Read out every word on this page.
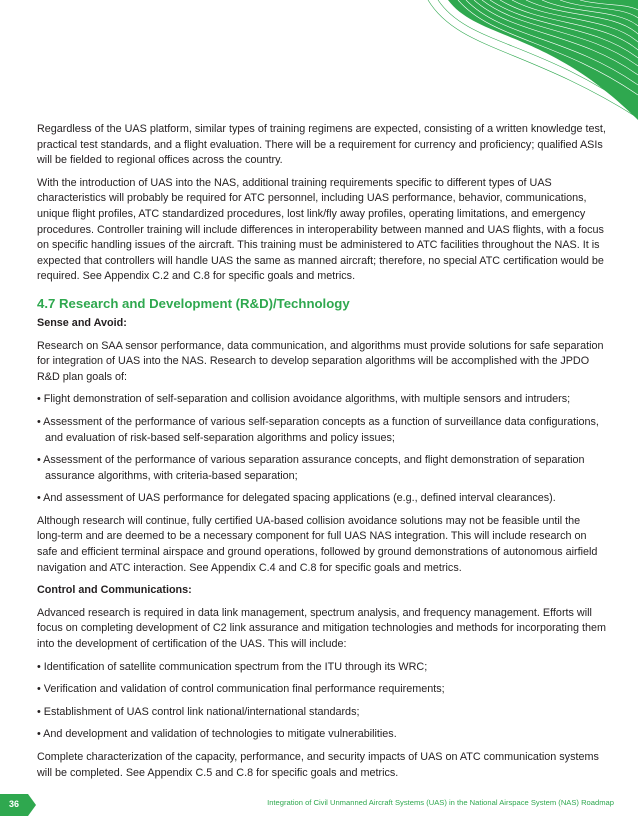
Regardless of the UAS platform, similar types of training regimens are expected, consisting of a written knowledge test, practical test standards, and a flight evaluation. There will be a requirement for currency and proficiency; qualified ASIs will be fielded to regional offices across the country.

With the introduction of UAS into the NAS, additional training requirements specific to different types of UAS characteristics will probably be required for ATC personnel, including UAS performance, behavior, communications, unique flight profiles, ATC standardized procedures, lost link/fly away profiles, operating limitations, and emergency procedures. Controller training will include differences in interoperability between manned and UAS flights, with a focus on specific handling issues of the aircraft. This training must be administered to ATC facilities throughout the NAS. It is expected that controllers will handle UAS the same as manned aircraft; therefore, no special ATC certification would be required. See Appendix C.2 and C.8 for specific goals and metrics.

4.7 Research and Development (R&D)/Technology

Sense and Avoid:

Research on SAA sensor performance, data communication, and algorithms must provide solutions for safe separation for integration of UAS into the NAS. Research to develop separation algorithms will be accomplished with the JPDO R&D plan goals of:

• Flight demonstration of self-separation and collision avoidance algorithms, with multiple sensors and intruders;

• Assessment of the performance of various self-separation concepts as a function of surveillance data configurations, and evaluation of risk-based self-separation algorithms and policy issues;

• Assessment of the performance of various separation assurance concepts, and flight demonstration of separation assurance algorithms, with criteria-based separation;

• And assessment of UAS performance for delegated spacing applications (e.g., defined interval clearances).

Although research will continue, fully certified UA-based collision avoidance solutions may not be feasible until the long-term and are deemed to be a necessary component for full UAS NAS integration. This will include research on safe and efficient terminal airspace and ground operations, followed by ground demonstrations of autonomous airfield navigation and ATC interaction. See Appendix C.4 and C.8 for specific goals and metrics.

Control and Communications:

Advanced research is required in data link management, spectrum analysis, and frequency management. Efforts will focus on completing development of C2 link assurance and mitigation technologies and methods for incorporating them into the development of certification of the UAS. This will include:

• Identification of satellite communication spectrum from the ITU through its WRC;

• Verification and validation of control communication final performance requirements;

• Establishment of UAS control link national/international standards;

• And development and validation of technologies to mitigate vulnerabilities.

Complete characterization of the capacity, performance, and security impacts of UAS on ATC communication systems will be completed. See Appendix C.5 and C.8 for specific goals and metrics.

36	Integration of Civil Unmanned Aircraft Systems (UAS) in the National Airspace System (NAS) Roadmap
